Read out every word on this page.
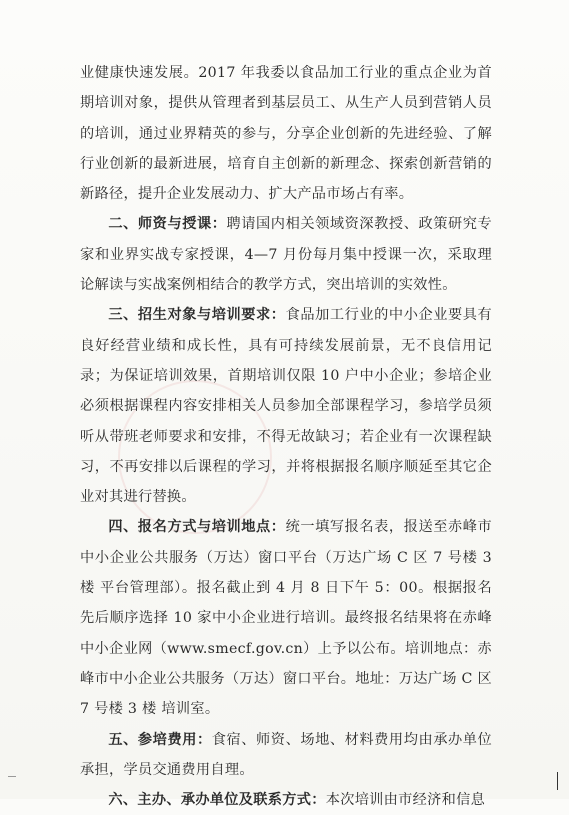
业健康快速发展。2017 年我委以食品加工行业的重点企业为首期培训对象，提供从管理者到基层员工、从生产人员到营销人员的培训，通过业界精英的参与，分享企业创新的先进经验、了解行业创新的最新进展，培育自主创新的新理念、探索创新营销的新路径，提升企业发展动力、扩大产品市场占有率。

二、师资与授课：聘请国内相关领域资深教授、政策研究专家和业界实战专家授课，4—7 月份每月集中授课一次，采取理论解读与实战案例相结合的教学方式，突出培训的实效性。

三、招生对象与培训要求：食品加工行业的中小企业要具有良好经营业绩和成长性，具有可持续发展前景，无不良信用记录；为保证培训效果，首期培训仅限 10 户中小企业；参培企业必须根据课程内容安排相关人员参加全部课程学习，参培学员须听从带班老师要求和安排，不得无故缺习；若企业有一次课程缺习，不再安排以后课程的学习，并将根据报名顺序顺延至其它企业对其进行替换。

四、报名方式与培训地点：统一填写报名表，报送至赤峰市中小企业公共服务（万达）窗口平台（万达广场 C 区 7 号楼 3 楼 平台管理部）。报名截止到 4 月 8 日下午 5：00。根据报名先后顺序选择 10 家中小企业进行培训。最终报名结果将在赤峰中小企业网（www.smecf.gov.cn）上予以公布。培训地点：赤峰市中小企业公共服务（万达）窗口平台。地址：万达广场 C 区 7 号楼 3 楼 培训室。

五、参培费用：食宿、师资、场地、材料费用均由承办单位承担，学员交通费用自理。

六、主办、承办单位及联系方式：本次培训由市经济和信息
